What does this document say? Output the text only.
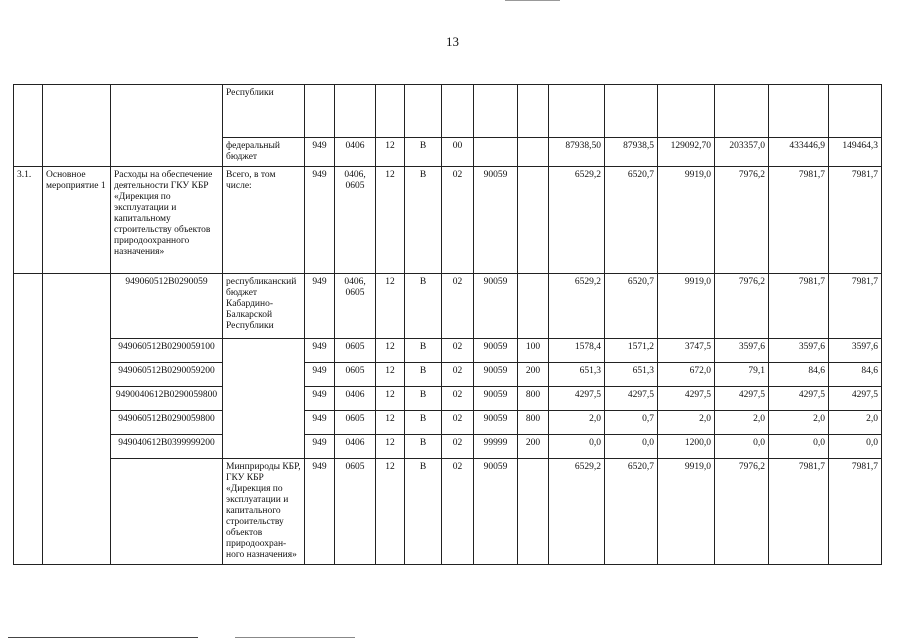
13
			Республики													
			федеральный бюджет	949	0406	12	В	00			87938,50	87938,5	129092,70	203357,0	433446,9	149464,3
3.1.	Основное мероприятие 1	Расходы на обеспечение деятельности ГКУ КБР «Дирекция по эксплуатации и капитальному строительству объектов природоохранного назначения»	Всего, в том числе:	949	0406, 0605	12	В	02	90059		6529,2	6520,7	9919,0	7976,2	7981,7	7981,7
		949060512В0290059	республиканский бюджет Кабардино-Балкарской Республики	949	0406, 0605	12	В	02	90059		6529,2	6520,7	9919,0	7976,2	7981,7	7981,7
		949060512В0290059100		949	0605	12	В	02	90059	100	1578,4	1571,2	3747,5	3597,6	3597,6	3597,6
		949060512В0290059200		949	0605	12	В	02	90059	200	651,3	651,3	672,0	79,1	84,6	84,6
		9490040612В0290059800		949	0406	12	В	02	90059	800	4297,5	4297,5	4297,5	4297,5	4297,5	4297,5
		949060512В0290059800		949	0605	12	В	02	90059	800	2,0	0,7	2,0	2,0	2,0	2,0
		949040612В0399999200		949	0406	12	В	02	99999	200	0,0	0,0	1200,0	0,0	0,0	0,0
			Минприроды КБР, ГКУ КБР «Дирекция по эксплуатации и капитального строительству объектов природоохран-ного назначения»	949	0605	12	В	02	90059		6529,2	6520,7	9919,0	7976,2	7981,7	7981,7
